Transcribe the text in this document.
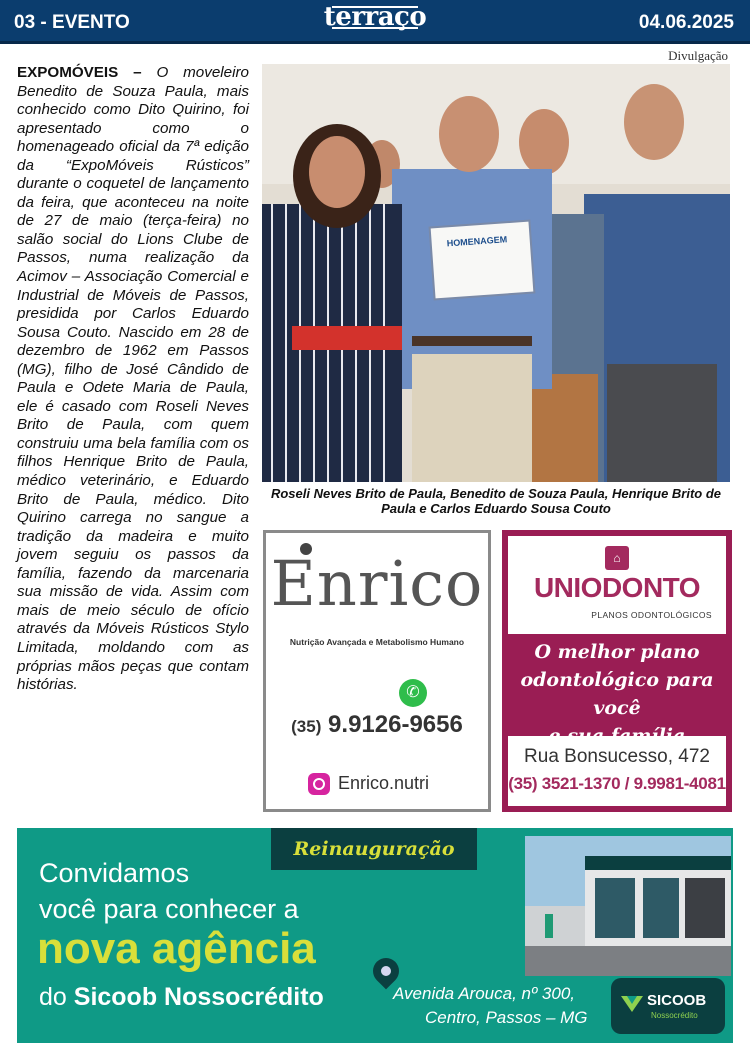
03 - EVENTO	terraço	04.06.2025
Divulgação
EXPOMÓVEIS – O moveleiro Benedito de Souza Paula, mais conhecido como Dito Quirino, foi apresentado como o homenageado oficial da 7ª edição da “ExpoMóveis Rústicos” durante o coquetel de lançamento da feira, que aconteceu na noite de 27 de maio (terça-feira) no salão social do Lions Clube de Passos, numa realização da Acimov – Associação Comercial e Industrial de Móveis de Passos, presidida por Carlos Eduardo Sousa Couto. Nascido em 28 de dezembro de 1962 em Passos (MG), filho de José Cândido de Paula e Odete Maria de Paula, ele é casado com Roseli Neves Brito de Paula, com quem construiu uma bela família com os filhos Henrique Brito de Paula, médico veterinário, e Eduardo Brito de Paula, médico. Dito Quirino carrega no sangue a tradição da madeira e muito jovem seguiu os passos da família, fazendo da marcenaria sua missão de vida. Assim com mais de meio século de ofício através da Móveis Rústicos Stylo Limitada, moldando com as próprias mãos peças que contam histórias.
HOMENAGEM
Roseli Neves Brito de Paula, Benedito de Souza Paula, Henrique Brito de Paula e Carlos Eduardo Sousa Couto
Enrico
Nutrição Avançada e Metabolismo Humano
✆
(35) 9.9126-9656
Enrico.nutri
⌂
UNIODONTO
PLANOS ODONTOLÓGICOS
O melhor plano
odontológico para você
Rua Bonsucesso, 472
(35) 3521-1370 / 9.9981-4081
Reinauguração
Convidamos
você para conhecer a
nova agência
do Sicoob Nossocrédito	Avenida Arouca, nº 300,
Centro, Passos – MG
SICOOB
Nossocrédito
